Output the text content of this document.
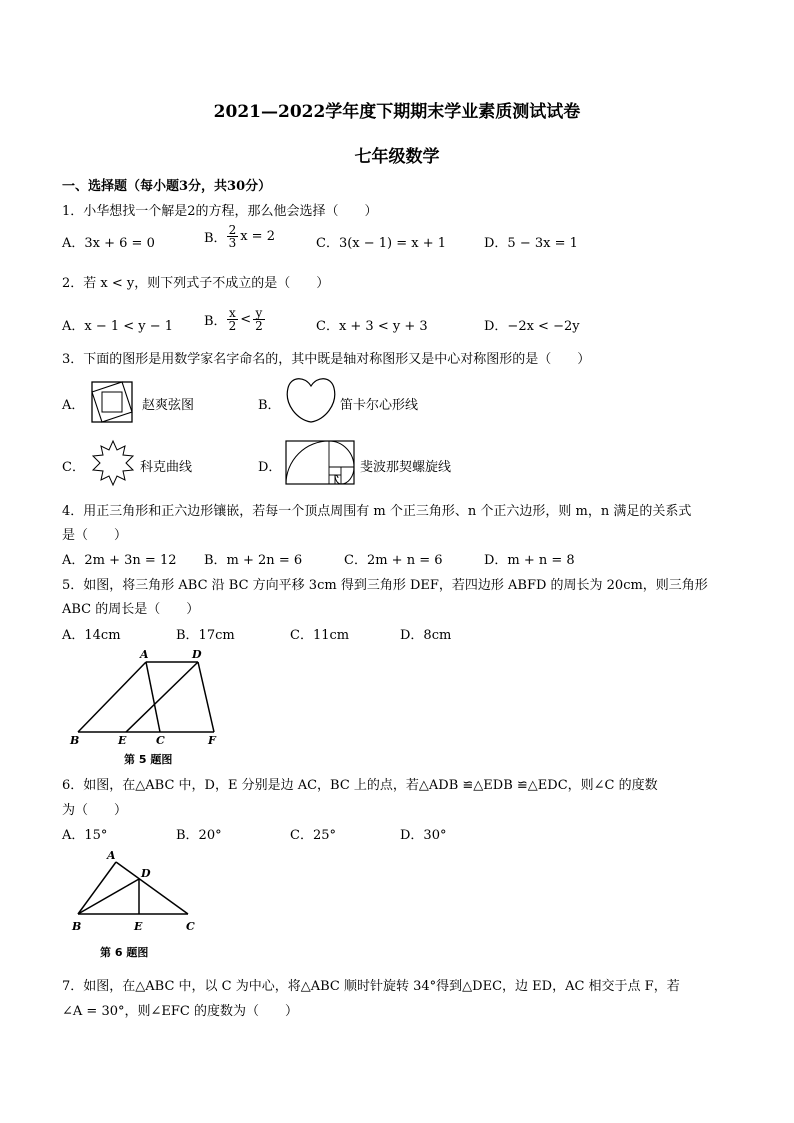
2021—2022学年度下期期末学业素质测试试卷
七年级数学
一、选择题（每小题3分，共30分）
1．小华想找一个解是2的方程，那么他会选择（　　）
A．3x + 6 = 0	B． $\frac{2}{3}$ x = 2	C．3(x − 1) = x + 1	D．5 − 3x = 1
2．若 x < y，则下列式子不成立的是（　　）
A．x − 1 < y − 1 B． $\frac{x}{2} < \frac{y}{2}$	C．x + 3 < y + 3	D．−2x < −2y
3．下面的图形是用数学家名字命名的，其中既是轴对称图形又是中心对称图形的是（　　）
A．	赵爽弦图	B．	笛卡尔心形线
C．	科克曲线	D．	斐波那契螺旋线
4．用正三角形和正六边形镶嵌，若每一个顶点周围有 m 个正三角形、n 个正六边形，则 m，n 满足的关系式
是（　　）
A．2m + 3n = 12 B．m + 2n = 6	C．2m + n = 6	D．m + n = 8
5．如图，将三角形 ABC 沿 BC 方向平移 3cm 得到三角形 DEF，若四边形 ABFD 的周长为 20cm，则三角形
ABC 的周长是（　　）
A．14cm	B．17cm	C．11cm	D．8cm
A	D
B	E	C	F
第 5 题图
6．如图，在△ABC 中，D，E 分别是边 AC，BC 上的点，若△ADB ≌△EDB ≌△EDC，则∠C 的度数
为（　　）
A．15°	B．20°	C．25°	D．30°
A
D
B	E	C
第 6 题图
7．如图，在△ABC 中，以 C 为中心，将△ABC 顺时针旋转 34°得到△DEC，边 ED，AC 相交于点 F，若
∠A = 30°，则∠EFC 的度数为（　　）
